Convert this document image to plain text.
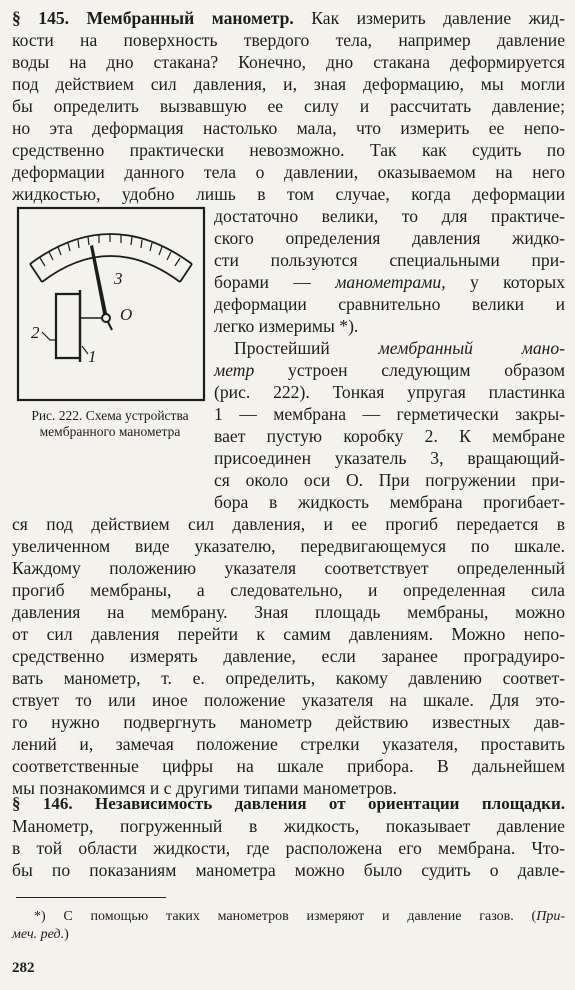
§ 145. Мембранный манометр. Как измерить давление жид-
кости на поверхность твердого тела, например давление
воды на дно стакана? Конечно, дно стакана деформируется
под действием сил давления, и, зная деформацию, мы могли
бы определить вызвавшую ее силу и рассчитать давление;
но эта деформация настолько мала, что измерить ее непо-
средственно практически невозможно. Так как судить по
деформации данного тела о давлении, оказываемом на него
жидкостью, удобно лишь в том случае, когда деформации
достаточно велики, то для практиче-
ского определения давления жидко-
сти пользуются специальными при-
борами — манометрами, у которых
деформации сравнительно велики и
легко измеримы *).
Простейший мембранный мано-
метр устроен следующим образом
(рис. 222). Тонкая упругая пластинка
1 — мембрана — герметически закры-
вает пустую коробку 2. К мембране
присоединен указатель 3, вращающий-
ся около оси O. При погружении при-
бора в жидкость мембрана прогибает-
ся под действием сил давления, и ее прогиб передается в
увеличенном виде указателю, передвигающемуся по шкале.
Каждому положению указателя соответствует определенный
прогиб мембраны, а следовательно, и определенная сила
давления на мембрану. Зная площадь мембраны, можно
от сил давления перейти к самим давлениям. Можно непо-
средственно измерять давление, если заранее проградуиро-
вать манометр, т. е. определить, какому давлению соответ-
ствует то или иное положение указателя на шкале. Для это-
го нужно подвергнуть манометр действию известных дав-
лений и, замечая положение стрелки указателя, проставить
соответственные цифры на шкале прибора. В дальнейшем
мы познакомимся и с другими типами манометров.
2
1
3
O
Рис. 222. Схема устройства мембранного манометра
§ 146. Независимость давления от ориентации площадки.
Манометр, погруженный в жидкость, показывает давление
в той области жидкости, где расположена его мембрана. Что-
бы по показаниям манометра можно было судить о давле-
*) С помощью таких манометров измеряют и давление газов. (При-
меч. ред.)
282
